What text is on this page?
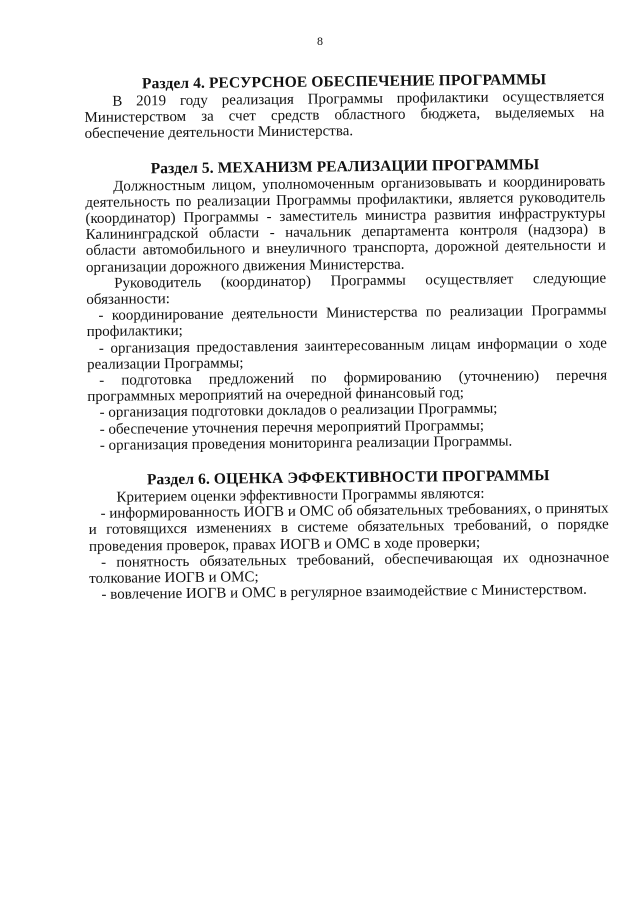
8
Раздел 4. РЕСУРСНОЕ ОБЕСПЕЧЕНИЕ ПРОГРАММЫ

В 2019 году реализация Программы профилактики осуществляется Министерством за счет средств областного бюджета, выделяемых на обеспечение деятельности Министерства.

Раздел 5. МЕХАНИЗМ РЕАЛИЗАЦИИ ПРОГРАММЫ

Должностным лицом, уполномоченным организовывать и координировать деятельность по реализации Программы профилактики, является руководитель (координатор) Программы - заместитель министра развития инфраструктуры Калининградской области - начальник департамента контроля (надзора) в области автомобильного и внеуличного транспорта, дорожной деятельности и организации дорожного движения Министерства.

Руководитель (координатор) Программы осуществляет следующие обязанности:

- координирование деятельности Министерства по реализации Программы профилактики;

- организация предоставления заинтересованным лицам информации о ходе реализации Программы;

- подготовка предложений по формированию (уточнению) перечня программных мероприятий на очередной финансовый год;

- организация подготовки докладов о реализации Программы;

- обеспечение уточнения перечня мероприятий Программы;

- организация проведения мониторинга реализации Программы.

Раздел 6. ОЦЕНКА ЭФФЕКТИВНОСТИ ПРОГРАММЫ

Критерием оценки эффективности Программы являются:

- информированность ИОГВ и ОМС об обязательных требованиях, о принятых и готовящихся изменениях в системе обязательных требований, о порядке проведения проверок, правах ИОГВ и ОМС в ходе проверки;

- понятность обязательных требований, обеспечивающая их однозначное толкование ИОГВ и ОМС;

- вовлечение ИОГВ и ОМС в регулярное взаимодействие с Министерством.
